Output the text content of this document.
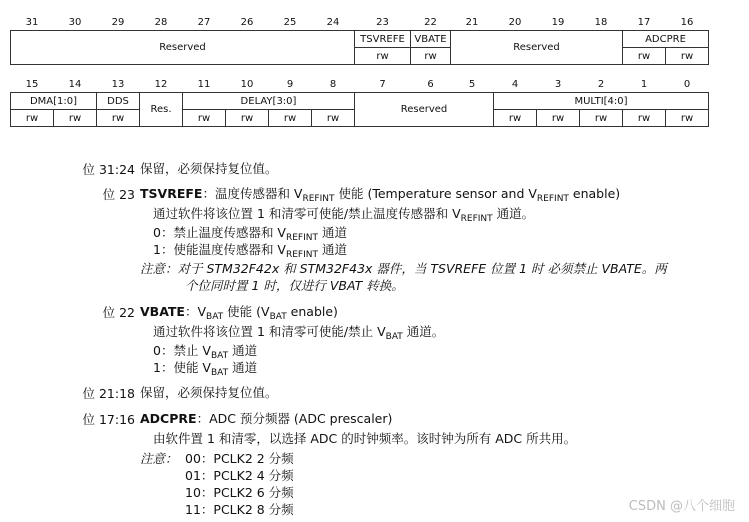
31	30	29	28	27	26	25	24	23	22	21	20	19	18	17	16
Reserved								TSVREFE	VBATE	Reserved				ADCPRE	
								rw	rw					rw	rw
15	14	13	12	11	10	9	8	7	6	5	4	3	2	1	0
DMA[1:0]		DDS	Res.	DELAY[3:0]				Reserved			MULTI[4:0]				
rw	rw	rw		rw	rw	rw	rw				rw	rw	rw	rw	rw
位 31:24 保留，必须保持复位值。
位 23 TSVREFE：温度传感器和 $V_{REFINT}$ 使能 (Temperature sensor and $V_{REFINT}$ enable)
通过软件将该位置 1 和清零可使能/禁止温度传感器和 $V_{REFINT}$ 通道。
0：禁止温度传感器和 $V_{REFINT}$ 通道
1：使能温度传感器和 $V_{REFINT}$ 通道
注意：对于 STM32F42x 和 STM32F43x 器件，当 TSVREFE 位置 1 时 必须禁止 VBATE。两
个位同时置 1 时，仅进行 VBAT 转换。
位 22 VBATE：$V_{BAT}$ 使能 ($V_{BAT}$ enable)
通过软件将该位置 1 和清零可使能/禁止 $V_{BAT}$ 通道。
0：禁止 $V_{BAT}$ 通道
1：使能 $V_{BAT}$ 通道
位 21:18 保留，必须保持复位值。
位 17:16 ADCPRE：ADC 预分频器 (ADC prescaler)
由软件置 1 和清零，以选择 ADC 的时钟频率。该时钟为所有 ADC 所共用。
注意： 00：PCLK2 2 分频
01：PCLK2 4 分频
10：PCLK2 6 分频
11：PCLK2 8 分频	CSDN @八个细胞
